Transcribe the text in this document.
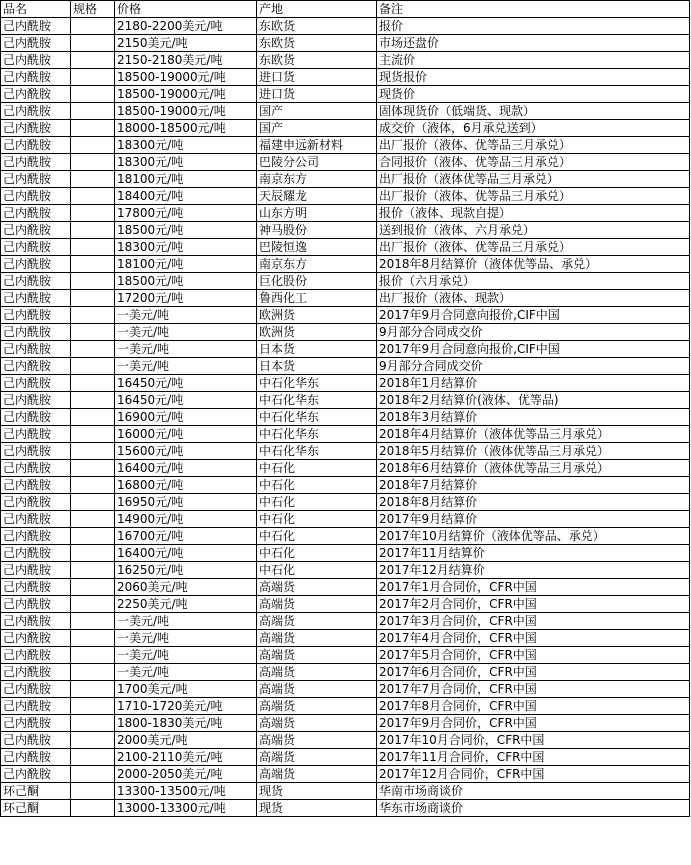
品名	规格	价格	产地	备注
己内酰胺		2180-2200美元/吨	东欧货	报价
己内酰胺		2150美元/吨	东欧货	市场还盘价
己内酰胺		2150-2180美元/吨	东欧货	主流价
己内酰胺		18500-19000元/吨	进口货	现货报价
己内酰胺		18500-19000元/吨	进口货	现货价
己内酰胺		18500-19000元/吨	国产	固体现货价（低端货、现款）
己内酰胺		18000-18500元/吨	国产	成交价（液体，6月承兑送到）
己内酰胺		18300元/吨	福建申远新材料	出厂报价（液体、优等品三月承兑）
己内酰胺		18300元/吨	巴陵分公司	合同报价（液体、优等品三月承兑）
己内酰胺		18100元/吨	南京东方	出厂报价（液体优等品三月承兑）
己内酰胺		18400元/吨	天辰耀龙	出厂报价（液体、优等品三月承兑）
己内酰胺		17800元/吨	山东方明	报价（液体、现款自提）
己内酰胺		18500元/吨	神马股份	送到报价（液体、六月承兑）
己内酰胺		18300元/吨	巴陵恒逸	出厂报价（液体、优等品三月承兑）
己内酰胺		18100元/吨	南京东方	2018年8月结算价（液体优等品、承兑）
己内酰胺		18500元/吨	巨化股份	报价（六月承兑）
己内酰胺		17200元/吨	鲁西化工	出厂报价（液体、现款）
己内酰胺		一美元/吨	欧洲货	2017年9月合同意向报价,CIF中国
己内酰胺		一美元/吨	欧洲货	9月部分合同成交价
己内酰胺		一美元/吨	日本货	2017年9月合同意向报价,CIF中国
己内酰胺		一美元/吨	日本货	9月部分合同成交价
己内酰胺		16450元/吨	中石化华东	2018年1月结算价
己内酰胺		16450元/吨	中石化华东	2018年2月结算价(液体、优等品)
己内酰胺		16900元/吨	中石化华东	2018年3月结算价
己内酰胺		16000元/吨	中石化华东	2018年4月结算价（液体优等品三月承兑）
己内酰胺		15600元/吨	中石化华东	2018年5月结算价（液体优等品三月承兑）
己内酰胺		16400元/吨	中石化	2018年6月结算价（液体优等品三月承兑）
己内酰胺		16800元/吨	中石化	2018年7月结算价
己内酰胺		16950元/吨	中石化	2018年8月结算价
己内酰胺		14900元/吨	中石化	2017年9月结算价
己内酰胺		16700元/吨	中石化	2017年10月结算价（液体优等品、承兑）
己内酰胺		16400元/吨	中石化	2017年11月结算价
己内酰胺		16250元/吨	中石化	2017年12月结算价
己内酰胺		2060美元/吨	高端货	2017年1月合同价，CFR中国
己内酰胺		2250美元/吨	高端货	2017年2月合同价，CFR中国
己内酰胺		一美元/吨	高端货	2017年3月合同价，CFR中国
己内酰胺		一美元/吨	高端货	2017年4月合同价，CFR中国
己内酰胺		一美元/吨	高端货	2017年5月合同价，CFR中国
己内酰胺		一美元/吨	高端货	2017年6月合同价，CFR中国
己内酰胺		1700美元/吨	高端货	2017年7月合同价，CFR中国
己内酰胺		1710-1720美元/吨	高端货	2017年8月合同价，CFR中国
己内酰胺		1800-1830美元/吨	高端货	2017年9月合同价，CFR中国
己内酰胺		2000美元/吨	高端货	2017年10月合同价，CFR中国
己内酰胺		2100-2110美元/吨	高端货	2017年11月合同价，CFR中国
己内酰胺		2000-2050美元/吨	高端货	2017年12月合同价，CFR中国
环己酮		13300-13500元/吨	现货	华南市场商谈价
环己酮		13000-13300元/吨	现货	华东市场商谈价
